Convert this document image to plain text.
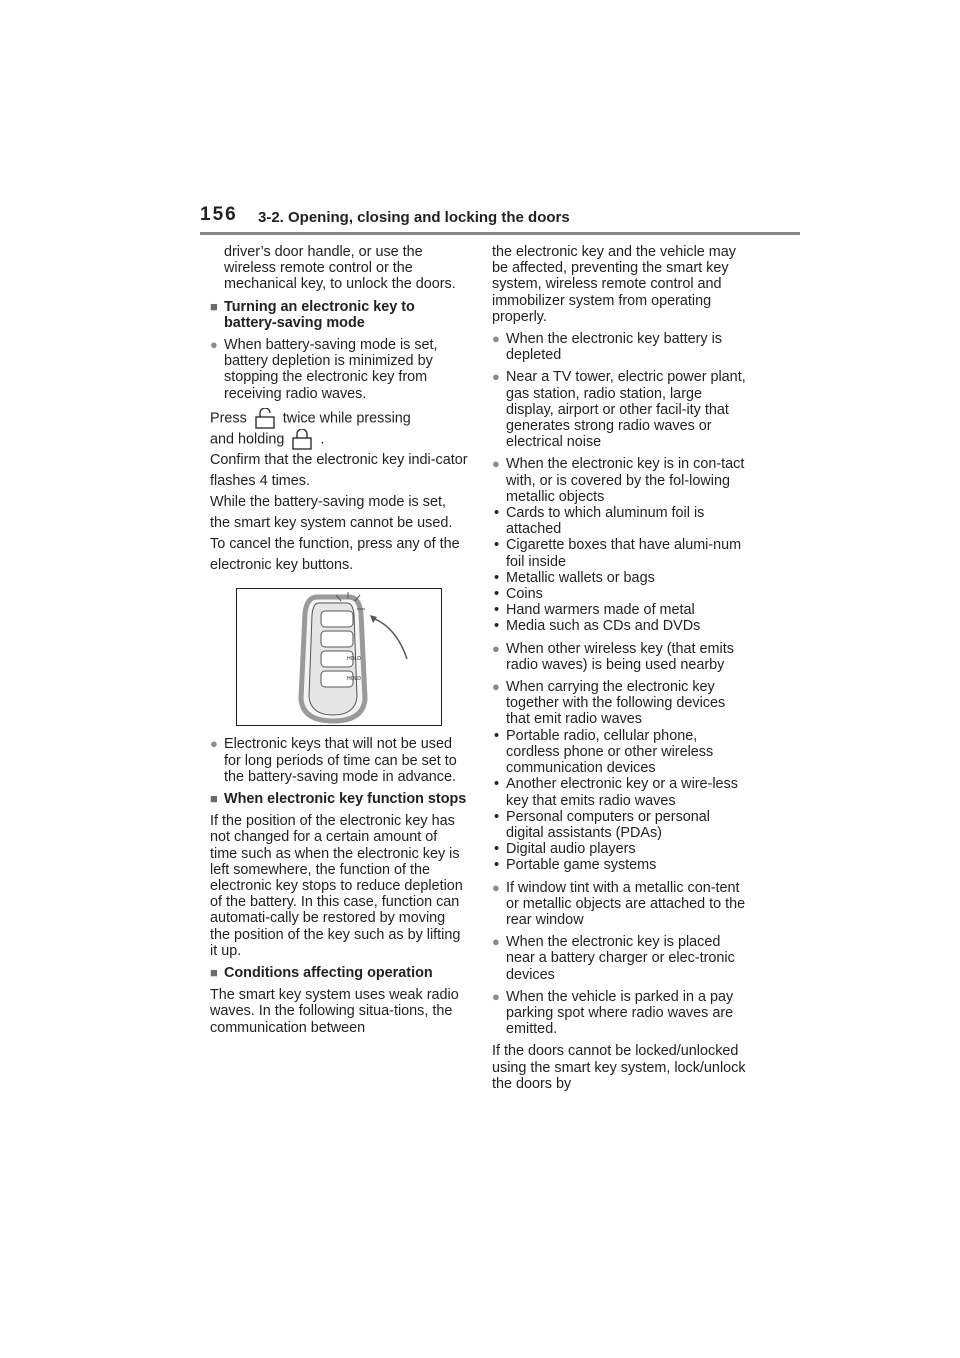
156 3-2. Opening, closing and locking the doors

driver’s door handle, or use the wireless remote control or the mechanical key, to unlock the doors.

■ Turning an electronic key to battery-saving mode
● When battery-saving mode is set, battery depletion is minimized by stopping the electronic key from receiving radio waves.

Press	twice while pressing

and holding	.

Confirm that the electronic key indi-cator flashes 4 times.

While the battery-saving mode is set, the smart key system cannot be used. To cancel the function, press any of the electronic key buttons.

HOLD
HOLD
● Electronic keys that will not be used for long periods of time can be set to the battery-saving mode in advance.
■ When electronic key function stops

If the position of the electronic key has not changed for a certain amount of time such as when the electronic key is left somewhere, the function of the electronic key stops to reduce depletion of the battery. In this case, function can automati-cally be restored by moving the position of the key such as by lifting it up.

■ Conditions affecting operation

The smart key system uses weak radio waves. In the following situa-tions, the communication between

the electronic key and the vehicle may be affected, preventing the smart key system, wireless remote control and immobilizer system from operating properly.

● When the electronic key battery is depleted
● Near a TV tower, electric power plant, gas station, radio station, large display, airport or other facil-ity that generates strong radio waves or electrical noise
● When the electronic key is in con-tact with, or is covered by the fol-lowing metallic objects
• Cards to which aluminum foil is attached
• Cigarette boxes that have alumi-num foil inside
• Metallic wallets or bags
• Coins
• Hand warmers made of metal
• Media such as CDs and DVDs
● When other wireless key (that emits radio waves) is being used nearby
● When carrying the electronic key together with the following devices that emit radio waves
• Portable radio, cellular phone, cordless phone or other wireless communication devices
• Another electronic key or a wire-less key that emits radio waves
• Personal computers or personal digital assistants (PDAs)
• Digital audio players
• Portable game systems
● If window tint with a metallic con-tent or metallic objects are attached to the rear window
● When the electronic key is placed near a battery charger or elec-tronic devices
● When the vehicle is parked in a pay parking spot where radio waves are emitted.

If the doors cannot be locked/unlocked using the smart key system, lock/unlock the doors by
